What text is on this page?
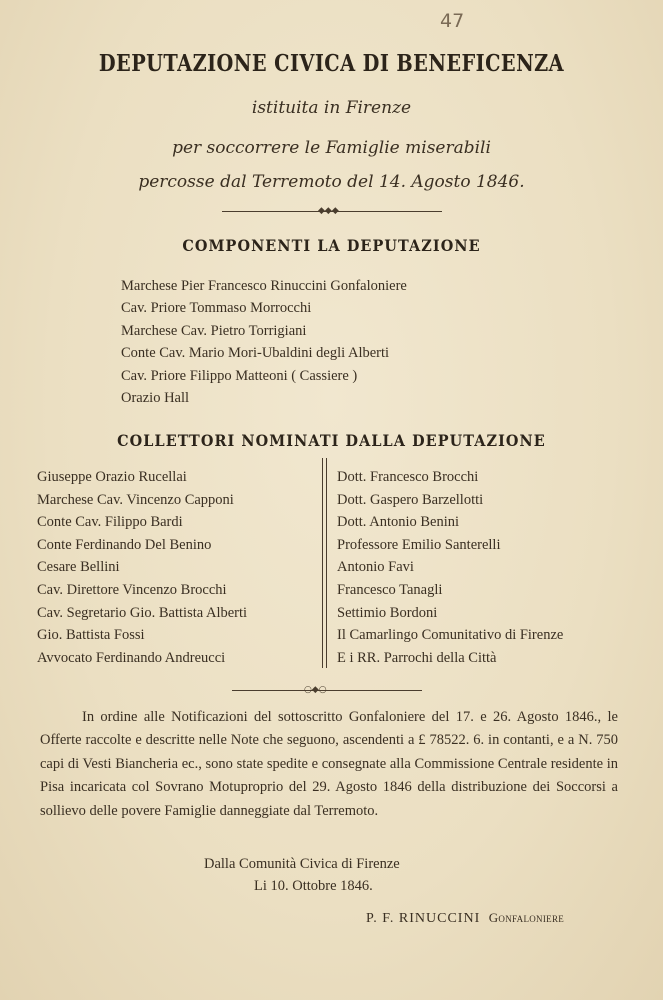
47
DEPUTAZIONE CIVICA DI BENEFICENZA
istituita in Firenze
per soccorrere le Famiglie miserabili
percosse dal Terremoto del 14. Agosto 1846.
◆◆◆
COMPONENTI LA DEPUTAZIONE
Marchese Pier Francesco Rinuccini Gonfaloniere
Cav. Priore Tommaso Morrocchi
Marchese Cav. Pietro Torrigiani
Conte Cav. Mario Mori-Ubaldini degli Alberti
Cav. Priore Filippo Matteoni ( Cassiere )
Orazio Hall
COLLETTORI NOMINATI DALLA DEPUTAZIONE
Giuseppe Orazio Rucellai
Marchese Cav. Vincenzo Capponi
Conte Cav. Filippo Bardi
Conte Ferdinando Del Benino
Cesare Bellini
Cav. Direttore Vincenzo Brocchi
Cav. Segretario Gio. Battista Alberti
Gio. Battista Fossi
Avvocato Ferdinando Andreucci
Dott. Francesco Brocchi
Dott. Gaspero Barzellotti
Dott. Antonio Benini
Professore Emilio Santerelli
Antonio Favi
Francesco Tanagli
Settimio Bordoni
Il Camarlingo Comunitativo di Firenze
E i RR. Parrochi della Città
○◆○
In ordine alle Notificazioni del sottoscritto Gonfaloniere del 17. e 26. Agosto 1846., le Offerte raccolte e descritte nelle Note che seguono, ascendenti a £ 78522. 6. in contanti, e a N. 750 capi di Vesti Biancheria ec., sono state spedite e consegnate alla Commissione Centrale residente in Pisa incaricata col Sovrano Motuproprio del 29. Agosto 1846 della distribuzione dei Soccorsi a sollievo delle povere Famiglie danneggiate dal Terremoto.
Dalla Comunità Civica di Firenze
Li 10. Ottobre 1846.
P. F. RINUCCINI Gonfaloniere
